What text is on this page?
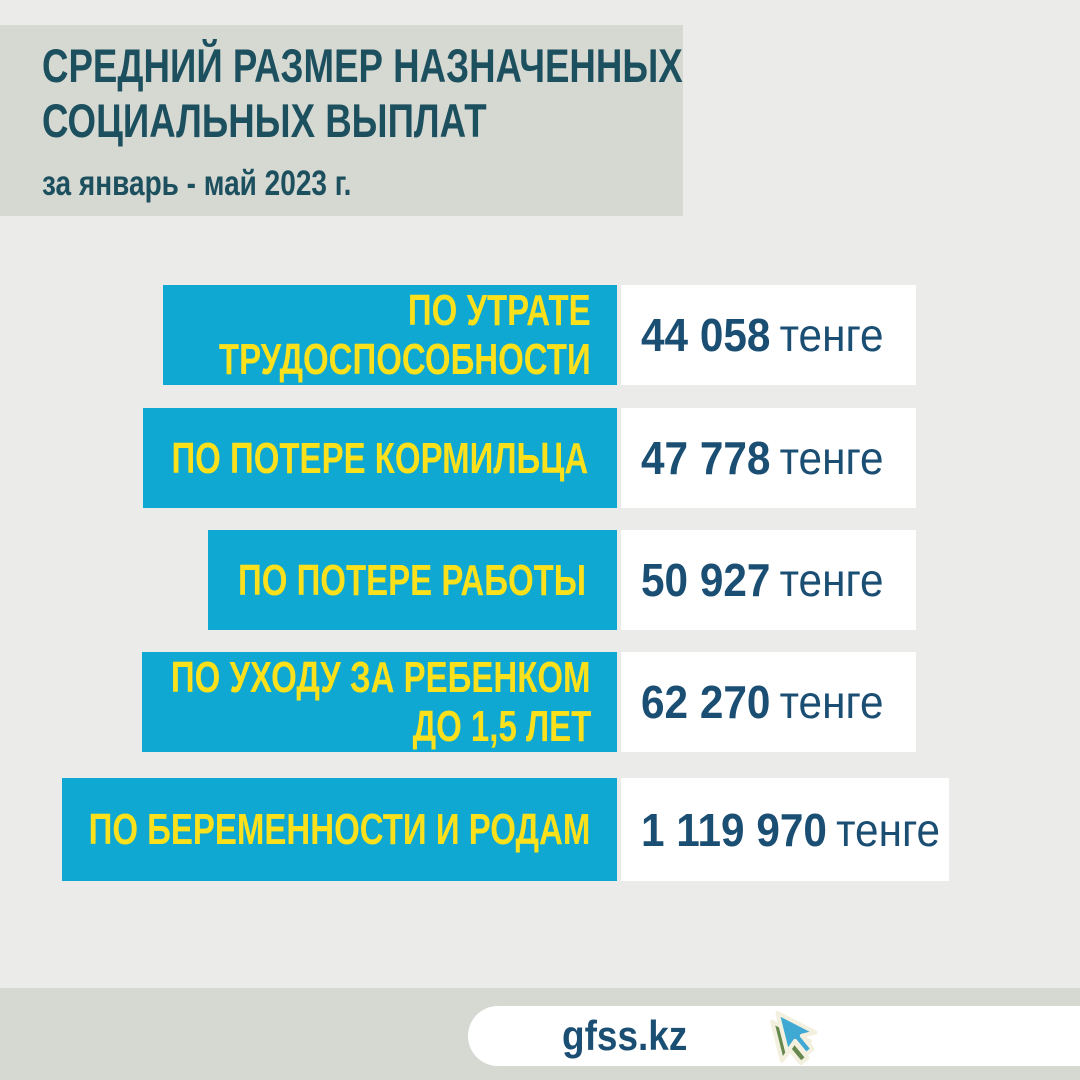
СРЕДНИЙ РАЗМЕР НАЗНАЧЕННЫХ
СОЦИАЛЬНЫХ ВЫПЛАТ
за январь - май 2023 г.
ПО УТРАТЕ
ТРУДОСПОСОБНОСТИ 44 058 тенге
ПО ПОТЕРЕ КОРМИЛЬЦА 47 778 тенге
ПО ПОТЕРЕ РАБОТЫ 50 927 тенге
ПО УХОДУ ЗА РЕБЕНКОМ
ДО 1,5 ЛЕТ 62 270 тенге
ПО БЕРЕМЕННОСТИ И РОДАМ 1 119 970 тенге
gfss.kz
